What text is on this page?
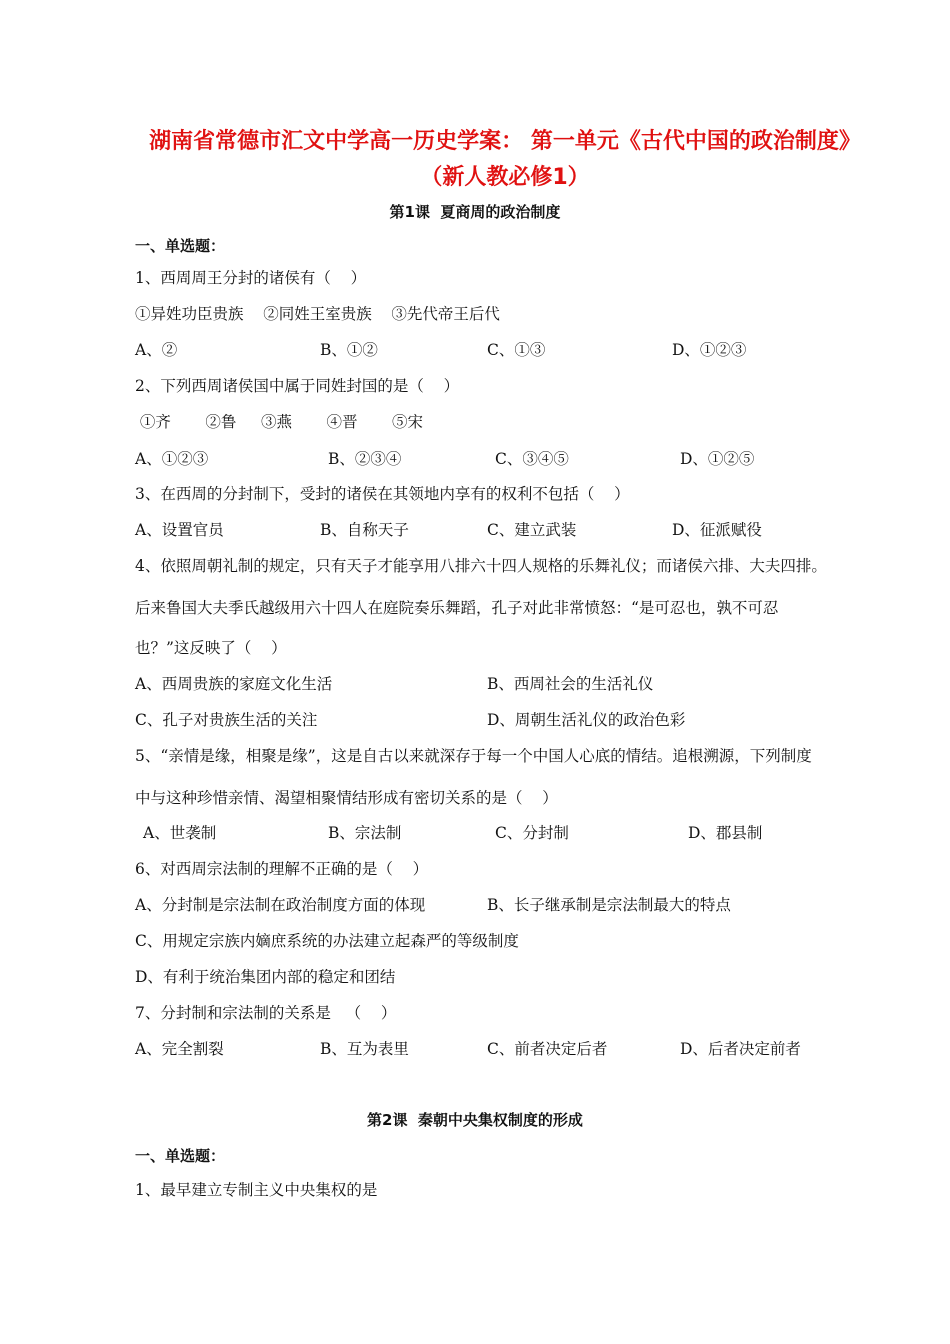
湖南省常德市汇文中学高一历史学案： 第一单元《古代中国的政治制度》
（新人教必修1）
第1课  夏商周的政治制度
一、单选题：
1、西周周王分封的诸侯有（    ）
①异姓功臣贵族    ②同姓王室贵族    ③先代帝王后代
A、②	B、①②	C、①③	D、①②③
2、下列西周诸侯国中属于同姓封国的是（    ）
①齐       ②鲁     ③燕       ④晋       ⑤宋
A、①②③	B、②③④	C、③④⑤	D、①②⑤
3、在西周的分封制下，受封的诸侯在其领地内享有的权利不包括（    ）
A、设置官员	B、自称天子	C、建立武装	D、征派赋役
4、依照周朝礼制的规定，只有天子才能享用八排六十四人规格的乐舞礼仪；而诸侯六排、大夫四排。
后来鲁国大夫季氏越级用六十四人在庭院奏乐舞蹈，孔子对此非常愤怒：“是可忍也，孰不可忍
也？”这反映了（    ）
A、西周贵族的家庭文化生活	B、西周社会的生活礼仪
C、孔子对贵族生活的关注	D、周朝生活礼仪的政治色彩
5、“亲情是缘，相聚是缘”，这是自古以来就深存于每一个中国人心底的情结。追根溯源，下列制度
中与这种珍惜亲情、渴望相聚情结形成有密切关系的是（    ）
A、世袭制	B、宗法制	C、分封制	D、郡县制
6、对西周宗法制的理解不正确的是（    ）
A、分封制是宗法制在政治制度方面的体现	B、长子继承制是宗法制最大的特点
C、用规定宗族内嫡庶系统的办法建立起森严的等级制度
D、有利于统治集团内部的稳定和团结
7、分封制和宗法制的关系是   （    ）
A、完全割裂	B、互为表里	C、前者决定后者	D、后者决定前者
第2课  秦朝中央集权制度的形成
一、单选题：
1、最早建立专制主义中央集权的是
